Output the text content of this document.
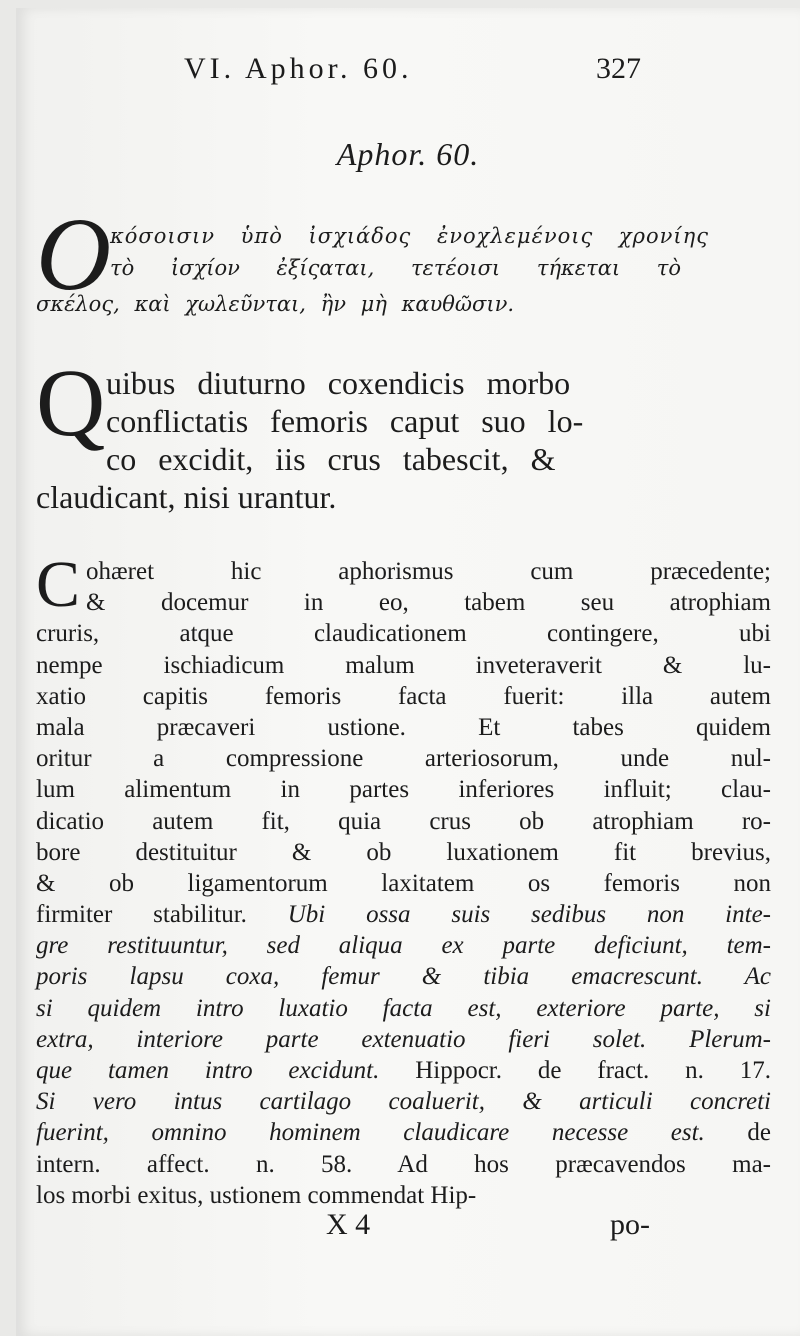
VI. Aphor. 60.	327
Aphor. 60.
O
κόσοισιν ὑπὸ ἰσχιάδος ἐνοχλεμένοις χρονίης
τὸ ἰσχίον ἐξίςαται, τετέοισι τήκεται τὸ
σκέλος, καὶ χωλεῦνται, ἢν μὴ καυθῶσιν.
Q uibus diuturno coxendicis morbo
conflictatis femoris caput suo lo-
co excidit, iis crus tabescit, &
claudicant, nisi urantur.
C ohæret hic aphorismus cum præcedente;
& docemur in eo, tabem seu atrophiam
cruris, atque claudicationem contingere, ubi
nempe ischiadicum malum inveteraverit & lu-
xatio capitis femoris facta fuerit: illa autem
mala præcaveri ustione. Et tabes quidem
oritur a compressione arteriosorum, unde nul-
lum alimentum in partes inferiores influit; clau-
dicatio autem fit, quia crus ob atrophiam ro-
bore destituitur & ob luxationem fit brevius,
& ob ligamentorum laxitatem os femoris non
firmiter stabilitur. Ubi ossa suis sedibus non inte-
gre restituuntur, sed aliqua ex parte deficiunt, tem-
poris lapsu coxa, femur & tibia emacrescunt. Ac
si quidem intro luxatio facta est, exteriore parte, si
extra, interiore parte extenuatio fieri solet. Plerum-
que tamen intro excidunt. Hippocr. de fract. n. 17.
Si vero intus cartilago coaluerit, & articuli concreti
fuerint, omnino hominem claudicare necesse est. de
intern. affect. n. 58. Ad hos præcavendos ma-
los morbi exitus, ustionem commendat Hip-
X 4	po-
